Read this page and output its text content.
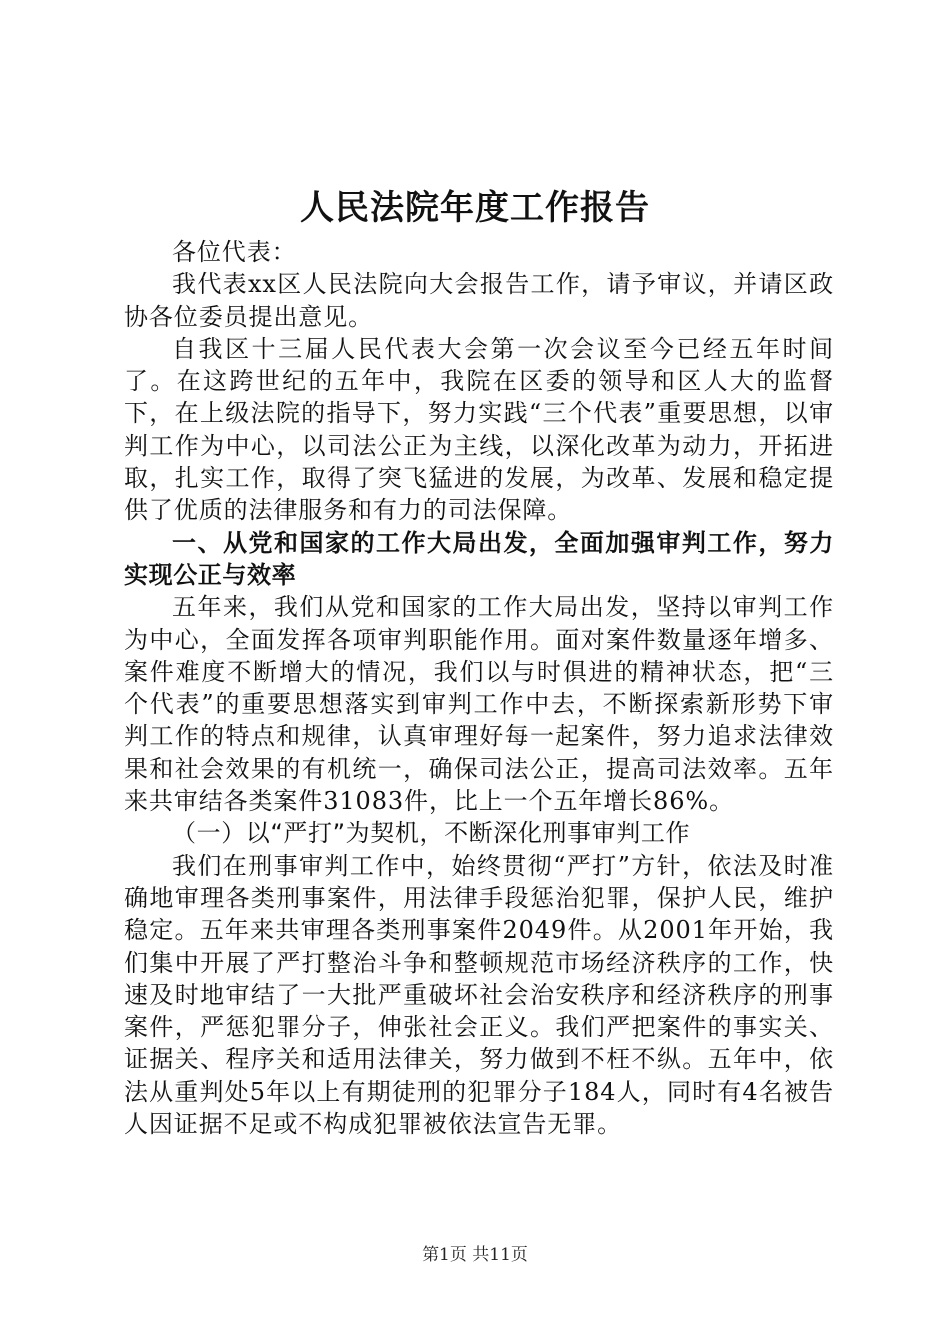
人民法院年度工作报告

各位代表：

我代表xx区人民法院向大会报告工作，请予审议，并请区政协各位委员提出意见。

自我区十三届人民代表大会第一次会议至今已经五年时间了。在这跨世纪的五年中，我院在区委的领导和区人大的监督下，在上级法院的指导下，努力实践“三个代表”重要思想，以审判工作为中心，以司法公正为主线，以深化改革为动力，开拓进取，扎实工作，取得了突飞猛进的发展，为改革、发展和稳定提供了优质的法律服务和有力的司法保障。

一、从党和国家的工作大局出发，全面加强审判工作，努力实现公正与效率

五年来，我们从党和国家的工作大局出发，坚持以审判工作为中心，全面发挥各项审判职能作用。面对案件数量逐年增多、案件难度不断增大的情况，我们以与时俱进的精神状态，把“三个代表”的重要思想落实到审判工作中去，不断探索新形势下审判工作的特点和规律，认真审理好每一起案件，努力追求法律效果和社会效果的有机统一，确保司法公正，提高司法效率。五年来共审结各类案件31083件，比上一个五年增长86%。

（一）以“严打”为契机，不断深化刑事审判工作

我们在刑事审判工作中，始终贯彻“严打”方针，依法及时准确地审理各类刑事案件，用法律手段惩治犯罪，保护人民，维护稳定。五年来共审理各类刑事案件2049件。从2001年开始，我们集中开展了严打整治斗争和整顿规范市场经济秩序的工作，快速及时地审结了一大批严重破坏社会治安秩序和经济秩序的刑事案件，严惩犯罪分子，伸张社会正义。我们严把案件的事实关、证据关、程序关和适用法律关，努力做到不枉不纵。五年中，依法从重判处5年以上有期徒刑的犯罪分子184人，同时有4名被告人因证据不足或不构成犯罪被依法宣告无罪。

第1页 共11页
